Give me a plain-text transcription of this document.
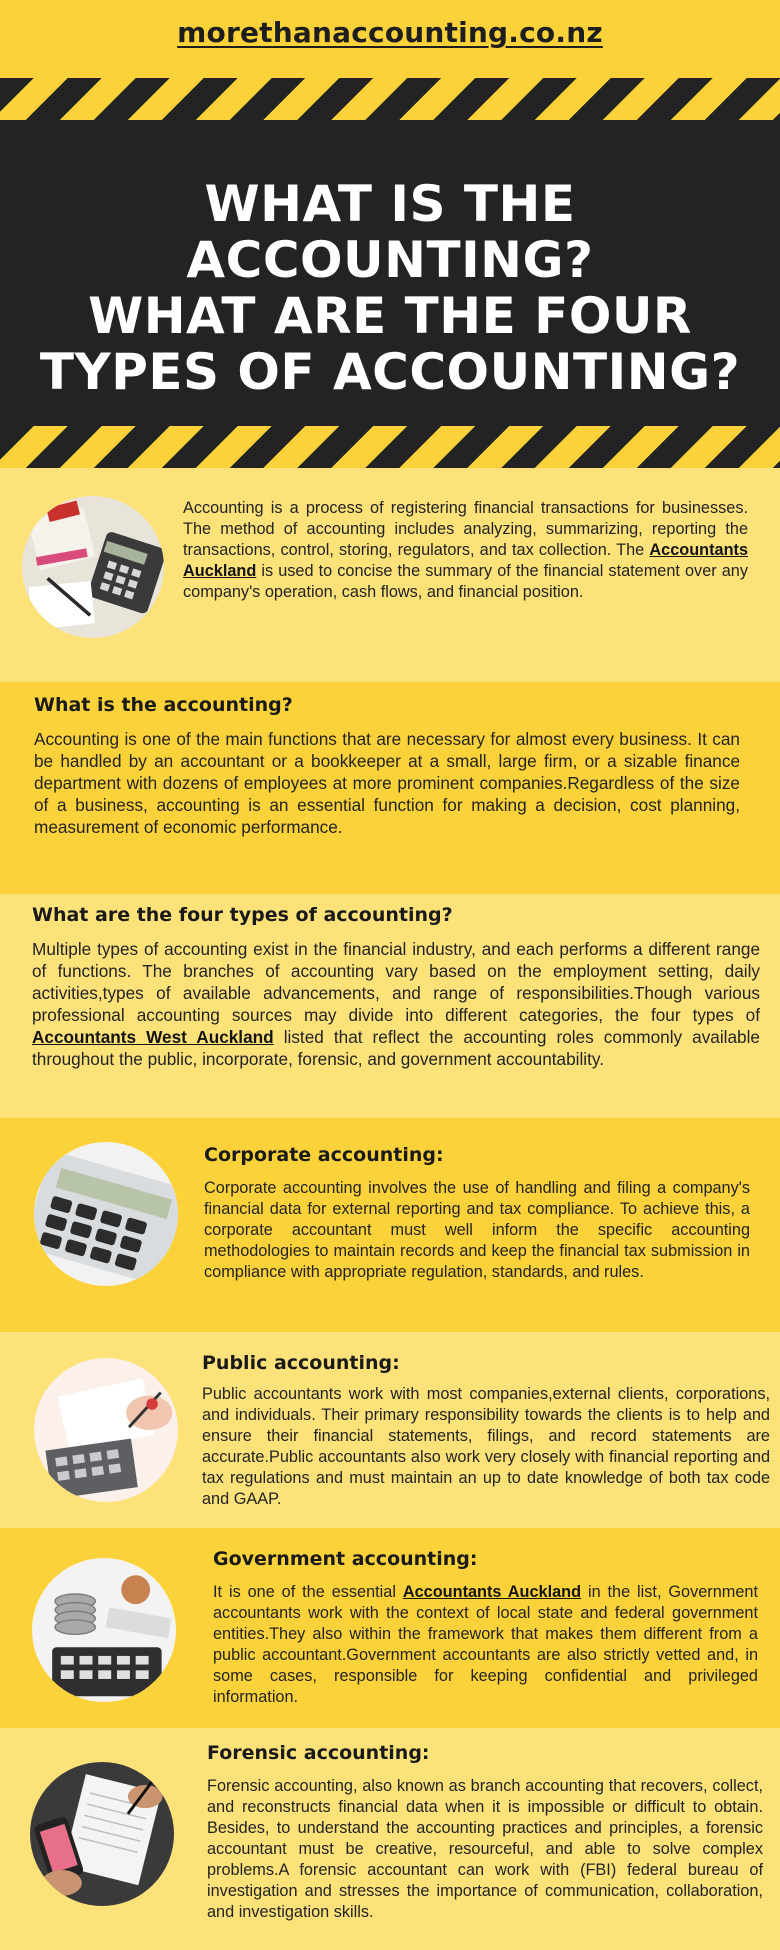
morethanaccounting.co.nz
WHAT IS THE
ACCOUNTING?
WHAT ARE THE FOUR
TYPES OF ACCOUNTING?
Accounting is a process of registering financial transactions for businesses. The method of accounting includes analyzing, summarizing, reporting the transactions, control, storing, regulators, and tax collection. The Accountants Auckland is used to concise the summary of the financial statement over any company's operation, cash flows, and financial position.
What is the accounting?
Accounting is one of the main functions that are necessary for almost every business. It can be handled by an accountant or a bookkeeper at a small, large firm, or a sizable finance department with dozens of employees at more prominent companies.Regardless of the size of a business, accounting is an essential function for making a decision, cost planning, measurement of economic performance.
What are the four types of accounting?
Multiple types of accounting exist in the financial industry, and each performs a different range of functions. The branches of accounting vary based on the employment setting, daily activities,types of available advancements, and range of responsibilities.Though various professional accounting sources may divide into different categories, the four types of Accountants West Auckland listed that reflect the accounting roles commonly available throughout the public, incorporate, forensic, and government accountability.
Corporate accounting:
Corporate accounting involves the use of handling and filing a company's financial data for external reporting and tax compliance. To achieve this, a corporate accountant must well inform the specific accounting methodologies to maintain records and keep the financial tax submission in compliance with appropriate regulation, standards, and rules.
Public accounting:
Public accountants work with most companies,external clients, corporations, and individuals. Their primary responsibility towards the clients is to help and ensure their financial statements, filings, and record statements are accurate.Public accountants also work very closely with financial reporting and tax regulations and must maintain an up to date knowledge of both tax code and GAAP.
Government accounting:
It is one of the essential Accountants Auckland in the list, Government accountants work with the context of local state and federal government entities.They also within the framework that makes them different from a public accountant.Government accountants are also strictly vetted and, in some cases, responsible for keeping confidential and privileged information.
Forensic accounting:
Forensic accounting, also known as branch accounting that recovers, collect, and reconstructs financial data when it is impossible or difficult to obtain. Besides, to understand the accounting practices and principles, a forensic accountant must be creative, resourceful, and able to solve complex problems.A forensic accountant can work with (FBI) federal bureau of investigation and stresses the importance of communication, collaboration, and investigation skills.
